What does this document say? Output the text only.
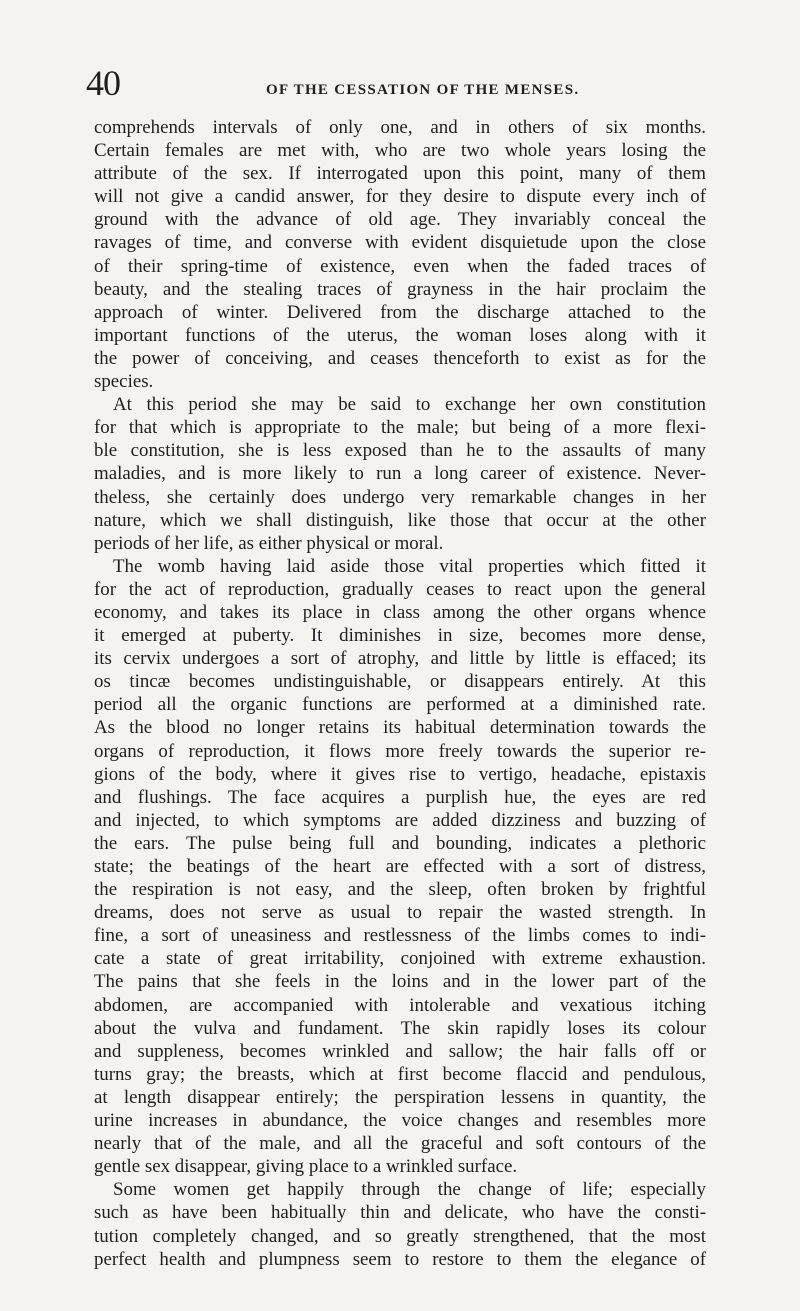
40	OF THE CESSATION OF THE MENSES.
comprehends intervals of only one, and in others of six months.
Certain females are met with, who are two whole years losing the
attribute of the sex. If interrogated upon this point, many of them
will not give a candid answer, for they desire to dispute every inch of
ground with the advance of old age. They invariably conceal the
ravages of time, and converse with evident disquietude upon the close
of their spring-time of existence, even when the faded traces of
beauty, and the stealing traces of grayness in the hair proclaim the
approach of winter. Delivered from the discharge attached to the
important functions of the uterus, the woman loses along with it
the power of conceiving, and ceases thenceforth to exist as for the
species.
At this period she may be said to exchange her own constitution
for that which is appropriate to the male; but being of a more flexi-
ble constitution, she is less exposed than he to the assaults of many
maladies, and is more likely to run a long career of existence. Never-
theless, she certainly does undergo very remarkable changes in her
nature, which we shall distinguish, like those that occur at the other
periods of her life, as either physical or moral.
The womb having laid aside those vital properties which fitted it
for the act of reproduction, gradually ceases to react upon the general
economy, and takes its place in class among the other organs whence
it emerged at puberty. It diminishes in size, becomes more dense,
its cervix undergoes a sort of atrophy, and little by little is effaced; its
os tincæ becomes undistinguishable, or disappears entirely. At this
period all the organic functions are performed at a diminished rate.
As the blood no longer retains its habitual determination towards the
organs of reproduction, it flows more freely towards the superior re-
gions of the body, where it gives rise to vertigo, headache, epistaxis
and flushings. The face acquires a purplish hue, the eyes are red
and injected, to which symptoms are added dizziness and buzzing of
the ears. The pulse being full and bounding, indicates a plethoric
state; the beatings of the heart are effected with a sort of distress,
the respiration is not easy, and the sleep, often broken by frightful
dreams, does not serve as usual to repair the wasted strength. In
fine, a sort of uneasiness and restlessness of the limbs comes to indi-
cate a state of great irritability, conjoined with extreme exhaustion.
The pains that she feels in the loins and in the lower part of the
abdomen, are accompanied with intolerable and vexatious itching
about the vulva and fundament. The skin rapidly loses its colour
and suppleness, becomes wrinkled and sallow; the hair falls off or
turns gray; the breasts, which at first become flaccid and pendulous,
at length disappear entirely; the perspiration lessens in quantity, the
urine increases in abundance, the voice changes and resembles more
nearly that of the male, and all the graceful and soft contours of the
gentle sex disappear, giving place to a wrinkled surface.
Some women get happily through the change of life; especially
such as have been habitually thin and delicate, who have the consti-
tution completely changed, and so greatly strengthened, that the most
perfect health and plumpness seem to restore to them the elegance of
